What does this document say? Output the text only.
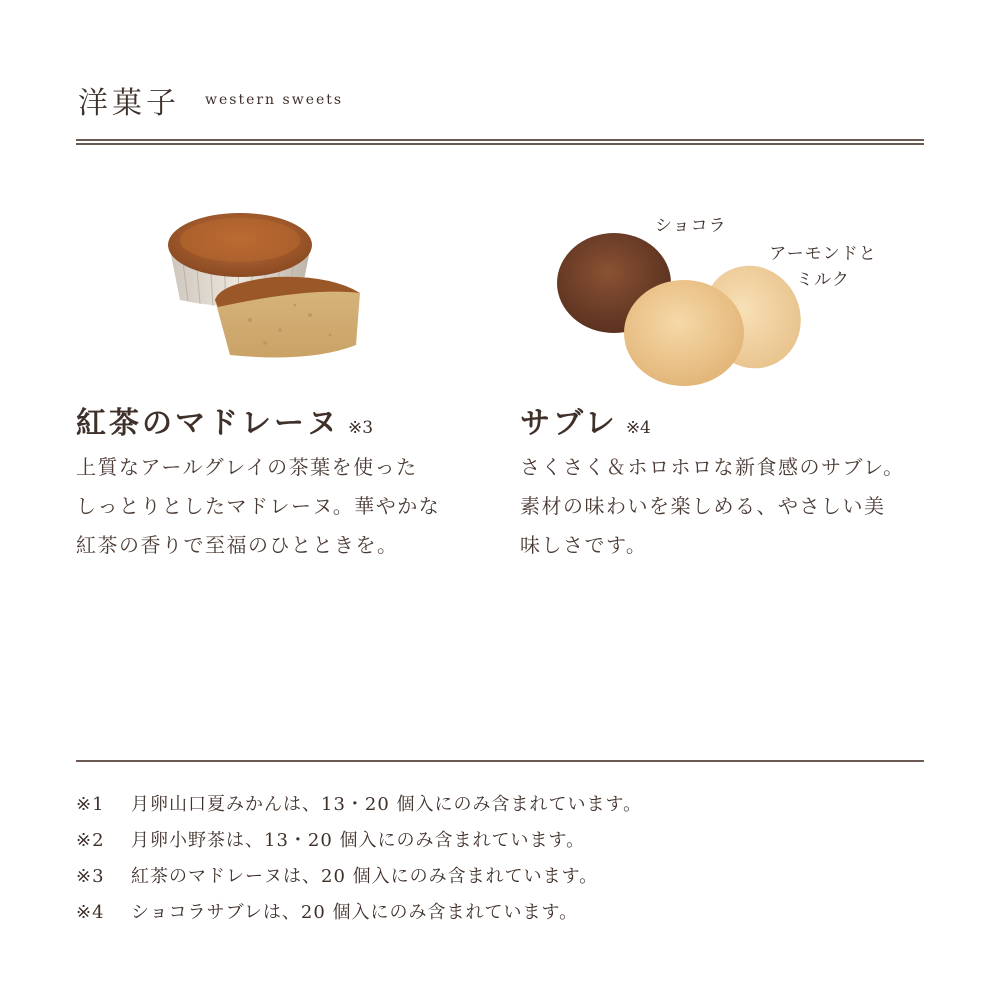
洋菓子 western sweets
ショコラ
アーモンドと
ミルク
紅茶のマドレーヌ ※3
上質なアールグレイの茶葉を使った
しっとりとしたマドレーヌ。華やかな
紅茶の香りで至福のひとときを。
サブレ ※4
さくさく＆ホロホロな新食感のサブレ。
素材の味わいを楽しめる、やさしい美
味しさです。
※1	月卵山口夏みかんは、13・20 個入にのみ含まれています。
※2	月卵小野茶は、13・20 個入にのみ含まれています。
※3	紅茶のマドレーヌは、20 個入にのみ含まれています。
※4	ショコラサブレは、20 個入にのみ含まれています。
